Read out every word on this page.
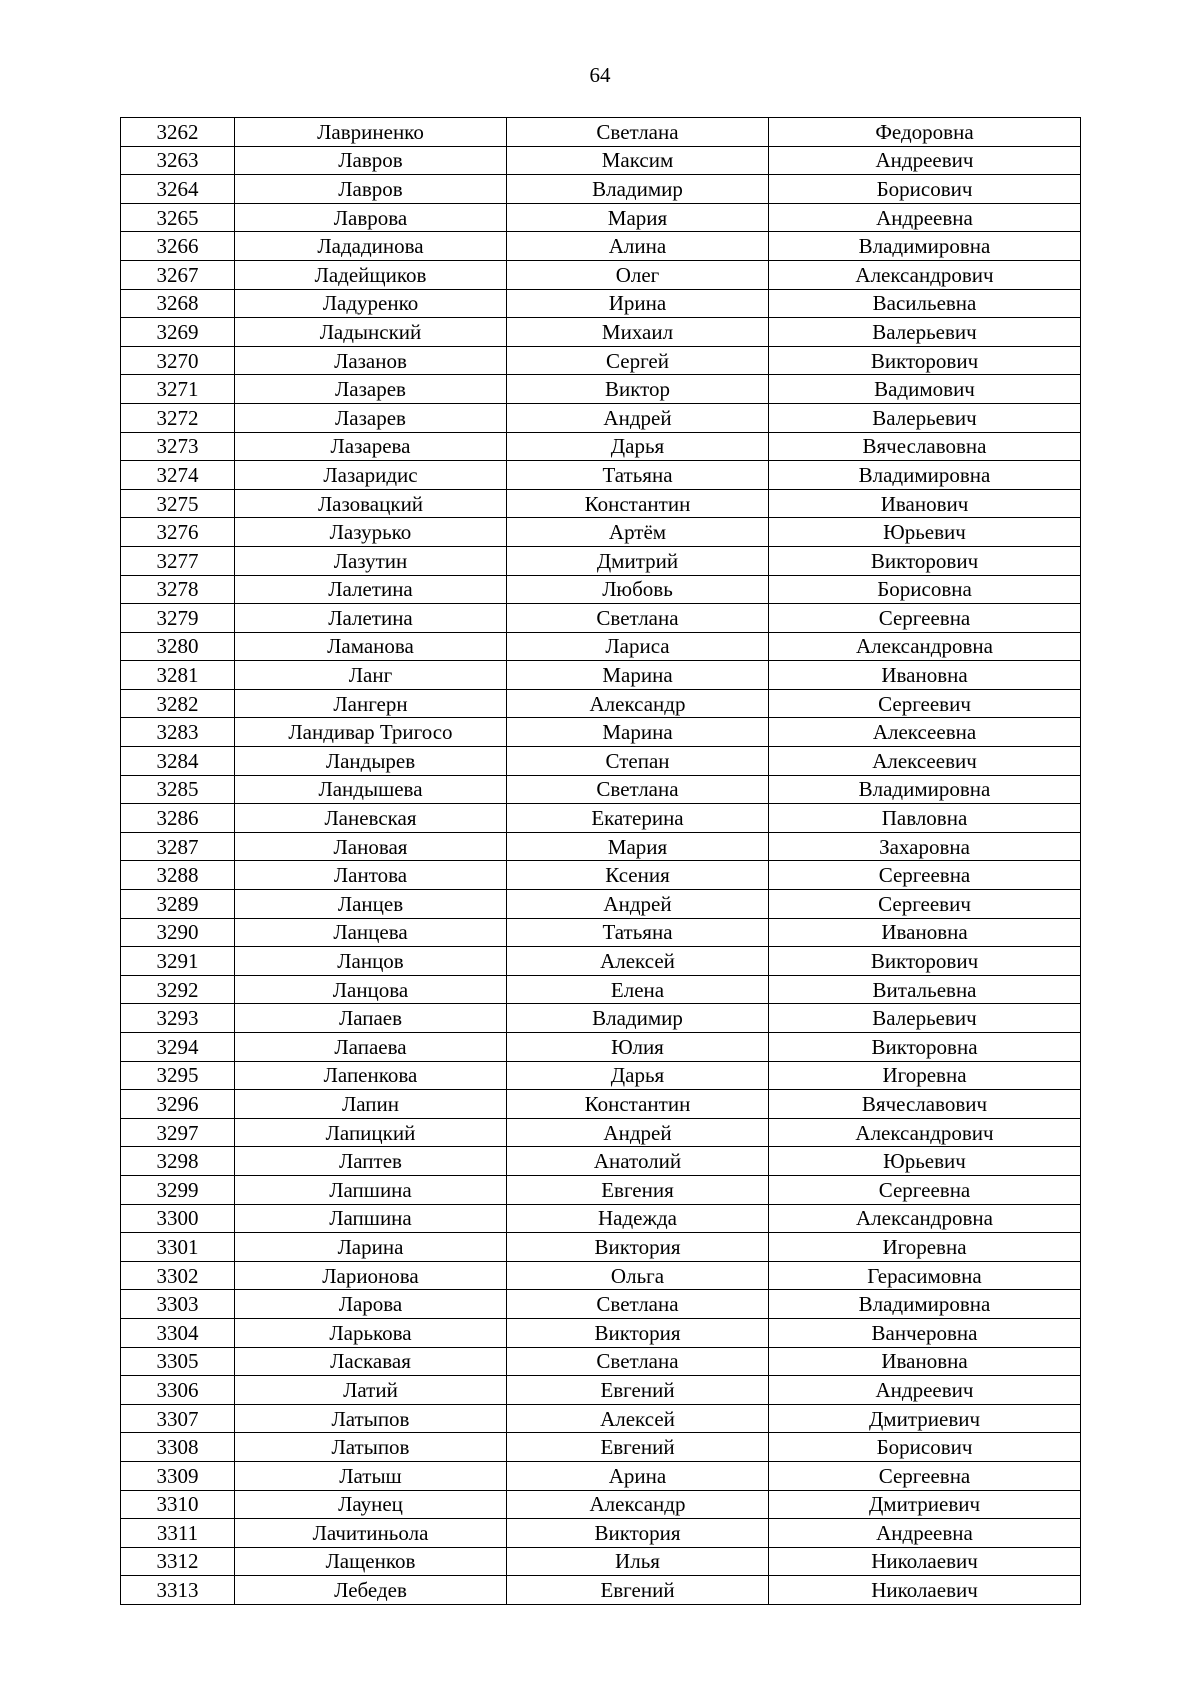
64
3262	Лавриненко	Светлана	Федоровна
3263	Лавров	Максим	Андреевич
3264	Лавров	Владимир	Борисович
3265	Лаврова	Мария	Андреевна
3266	Лададинова	Алина	Владимировна
3267	Ладейщиков	Олег	Александрович
3268	Ладуренко	Ирина	Васильевна
3269	Ладынский	Михаил	Валерьевич
3270	Лазанов	Сергей	Викторович
3271	Лазарев	Виктор	Вадимович
3272	Лазарев	Андрей	Валерьевич
3273	Лазарева	Дарья	Вячеславовна
3274	Лазаридис	Татьяна	Владимировна
3275	Лазовацкий	Константин	Иванович
3276	Лазурько	Артём	Юрьевич
3277	Лазутин	Дмитрий	Викторович
3278	Лалетина	Любовь	Борисовна
3279	Лалетина	Светлана	Сергеевна
3280	Ламанова	Лариса	Александровна
3281	Ланг	Марина	Ивановна
3282	Лангерн	Александр	Сергеевич
3283	Ландивар Тригосо	Марина	Алексеевна
3284	Ландырев	Степан	Алексеевич
3285	Ландышева	Светлана	Владимировна
3286	Ланевская	Екатерина	Павловна
3287	Лановая	Мария	Захаровна
3288	Лантова	Ксения	Сергеевна
3289	Ланцев	Андрей	Сергеевич
3290	Ланцева	Татьяна	Ивановна
3291	Ланцов	Алексей	Викторович
3292	Ланцова	Елена	Витальевна
3293	Лапаев	Владимир	Валерьевич
3294	Лапаева	Юлия	Викторовна
3295	Лапенкова	Дарья	Игоревна
3296	Лапин	Константин	Вячеславович
3297	Лапицкий	Андрей	Александрович
3298	Лаптев	Анатолий	Юрьевич
3299	Лапшина	Евгения	Сергеевна
3300	Лапшина	Надежда	Александровна
3301	Ларина	Виктория	Игоревна
3302	Ларионова	Ольга	Герасимовна
3303	Ларова	Светлана	Владимировна
3304	Ларькова	Виктория	Ванчеровна
3305	Ласкавая	Светлана	Ивановна
3306	Латий	Евгений	Андреевич
3307	Латыпов	Алексей	Дмитриевич
3308	Латыпов	Евгений	Борисович
3309	Латыш	Арина	Сергеевна
3310	Лаунец	Александр	Дмитриевич
3311	Лачитиньола	Виктория	Андреевна
3312	Лащенков	Илья	Николаевич
3313	Лебедев	Евгений	Николаевич
